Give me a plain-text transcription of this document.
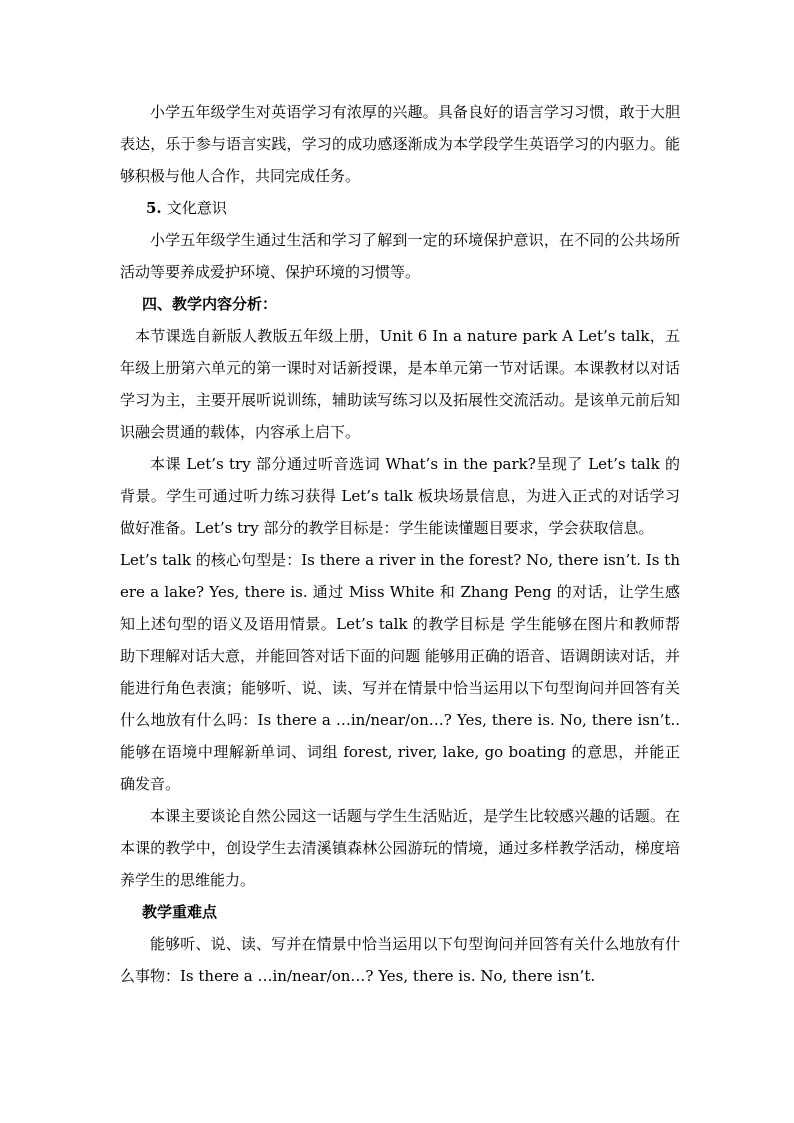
小学五年级学生对英语学习有浓厚的兴趣。具备良好的语言学习习惯，敢于大胆表达，乐于参与语言实践，学习的成功感逐渐成为本学段学生英语学习的内驱力。能够积极与他人合作，共同完成任务。

5. 文化意识

小学五年级学生通过生活和学习了解到一定的环境保护意识，在不同的公共场所活动等要养成爱护环境、保护环境的习惯等。

四、教学内容分析：

本节课选自新版人教版五年级上册，Unit 6 In a nature park A Let’s talk，五年级上册第六单元的第一课时对话新授课，是本单元第一节对话课。本课教材以对话学习为主，主要开展听说训练，辅助读写练习以及拓展性交流活动。是该单元前后知识融会贯通的载体，内容承上启下。

本课 Let’s try 部分通过听音选词 What’s in the park?呈现了 Let’s talk 的背景。学生可通过听力练习获得 Let’s talk 板块场景信息，为进入正式的对话学习做好准备。Let’s try 部分的教学目标是：学生能读懂题目要求，学会获取信息。

Let’s talk 的核心句型是：Is there a river in the forest? No, there isn’t. Is there a lake? Yes, there is. 通过 Miss White 和 Zhang Peng 的对话，让学生感知上述句型的语义及语用情景。Let’s talk 的教学目标是 学生能够在图片和教师帮助下理解对话大意，并能回答对话下面的问题 能够用正确的语音、语调朗读对话，并能进行角色表演；能够听、说、读、写并在情景中恰当运用以下句型询问并回答有关什么地放有什么吗：Is there a …in/near/on…? Yes, there is. No, there isn’t..能够在语境中理解新单词、词组 forest, river, lake, go boating 的意思，并能正确发音。

本课主要谈论自然公园这一话题与学生生活贴近，是学生比较感兴趣的话题。在本课的教学中，创设学生去清溪镇森林公园游玩的情境，通过多样教学活动，梯度培养学生的思维能力。

教学重难点

能够听、说、读、写并在情景中恰当运用以下句型询问并回答有关什么地放有什么事物：Is there a …in/near/on…? Yes, there is. No, there isn’t.
